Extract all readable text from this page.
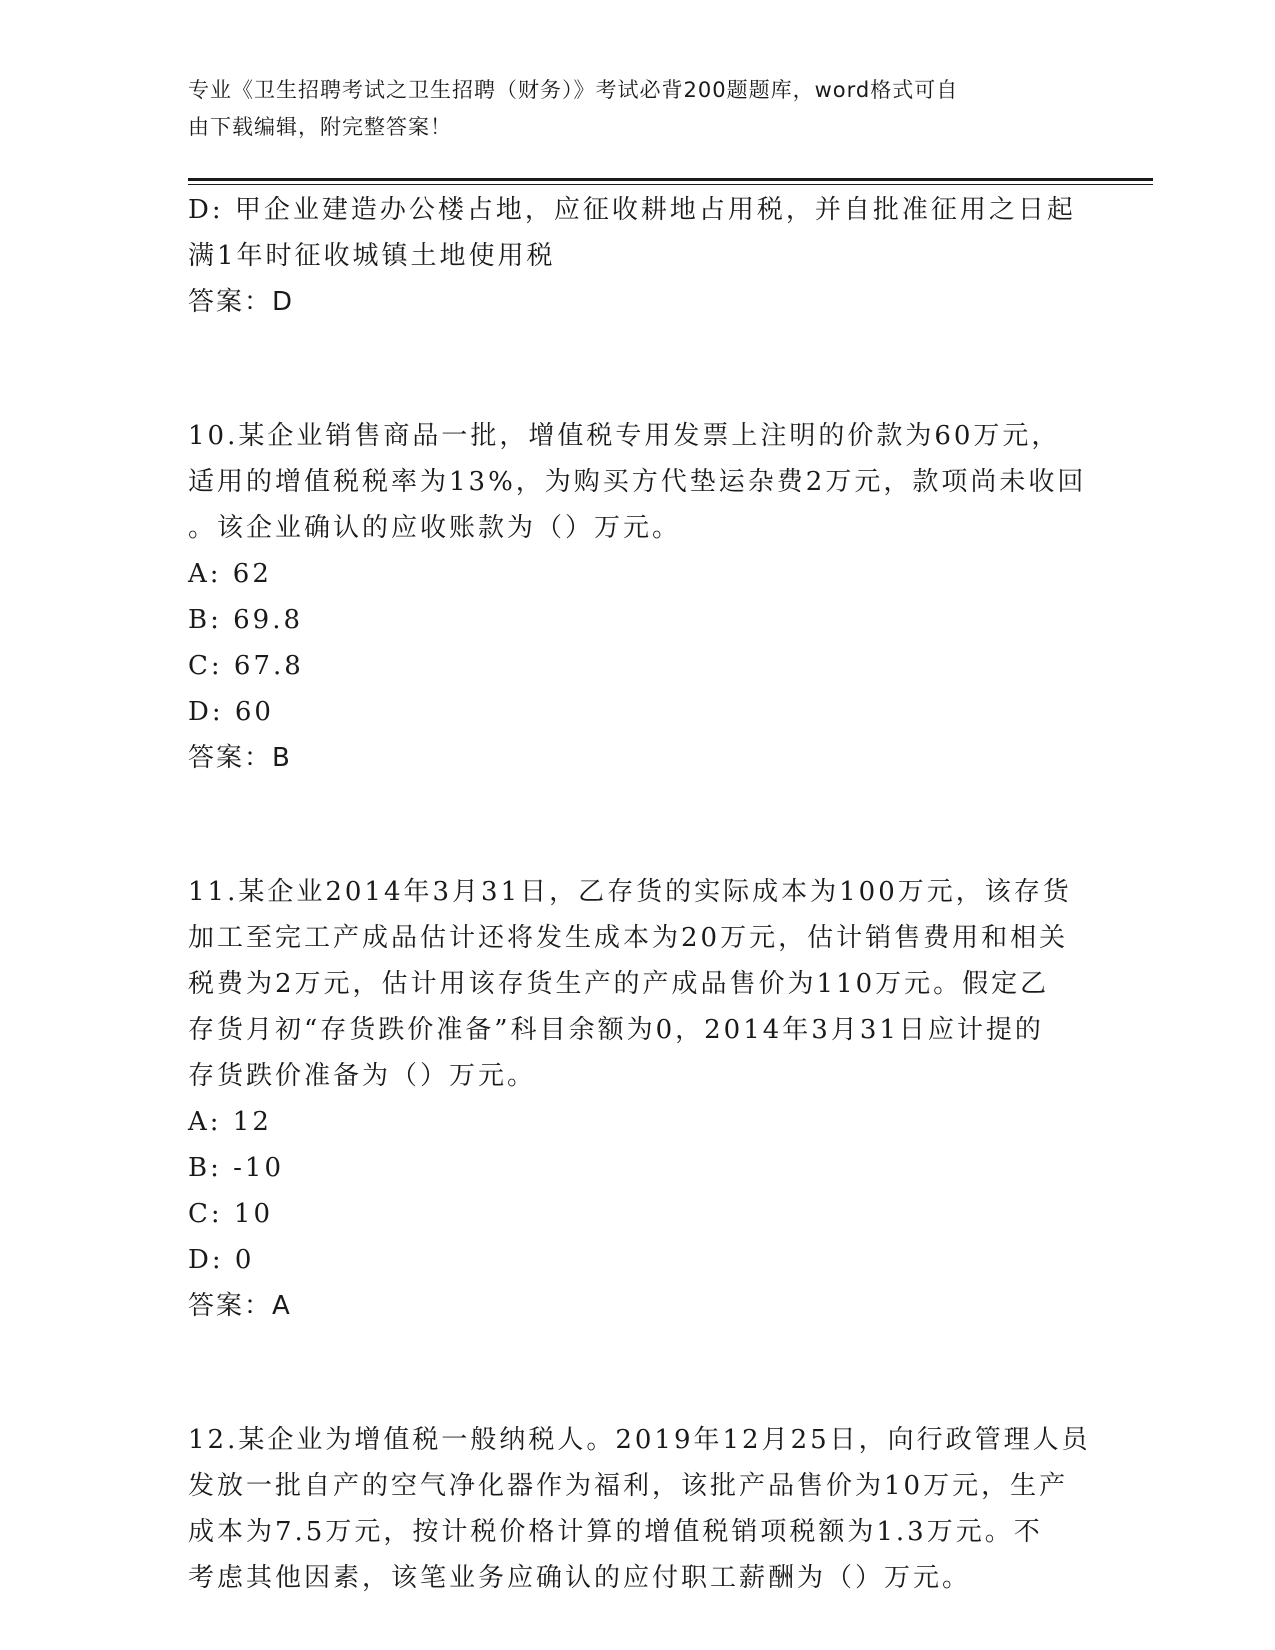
专业《卫生招聘考试之卫生招聘（财务）》考试必背200题题库，word格式可自
由下载编辑，附完整答案！
D: 甲企业建造办公楼占地，应征收耕地占用税，并自批准征用之日起
满1年时征收城镇土地使用税
答案：D
10.某企业销售商品一批，增值税专用发票上注明的价款为60万元，
适用的增值税税率为13%，为购买方代垫运杂费2万元，款项尚未收回
。该企业确认的应收账款为（）万元。
A: 62
B: 69.8
C: 67.8
D: 60
答案：B
11.某企业2014年3月31日，乙存货的实际成本为100万元，该存货
加工至完工产成品估计还将发生成本为20万元，估计销售费用和相关
税费为2万元，估计用该存货生产的产成品售价为110万元。假定乙
存货月初“存货跌价准备”科目余额为0，2014年3月31日应计提的
存货跌价准备为（）万元。
A: 12
B: -10
C: 10
D: 0
答案：A
12.某企业为增值税一般纳税人。2019年12月25日，向行政管理人员
发放一批自产的空气净化器作为福利，该批产品售价为10万元，生产
成本为7.5万元，按计税价格计算的增值税销项税额为1.3万元。不
考虑其他因素，该笔业务应确认的应付职工薪酬为（）万元。
